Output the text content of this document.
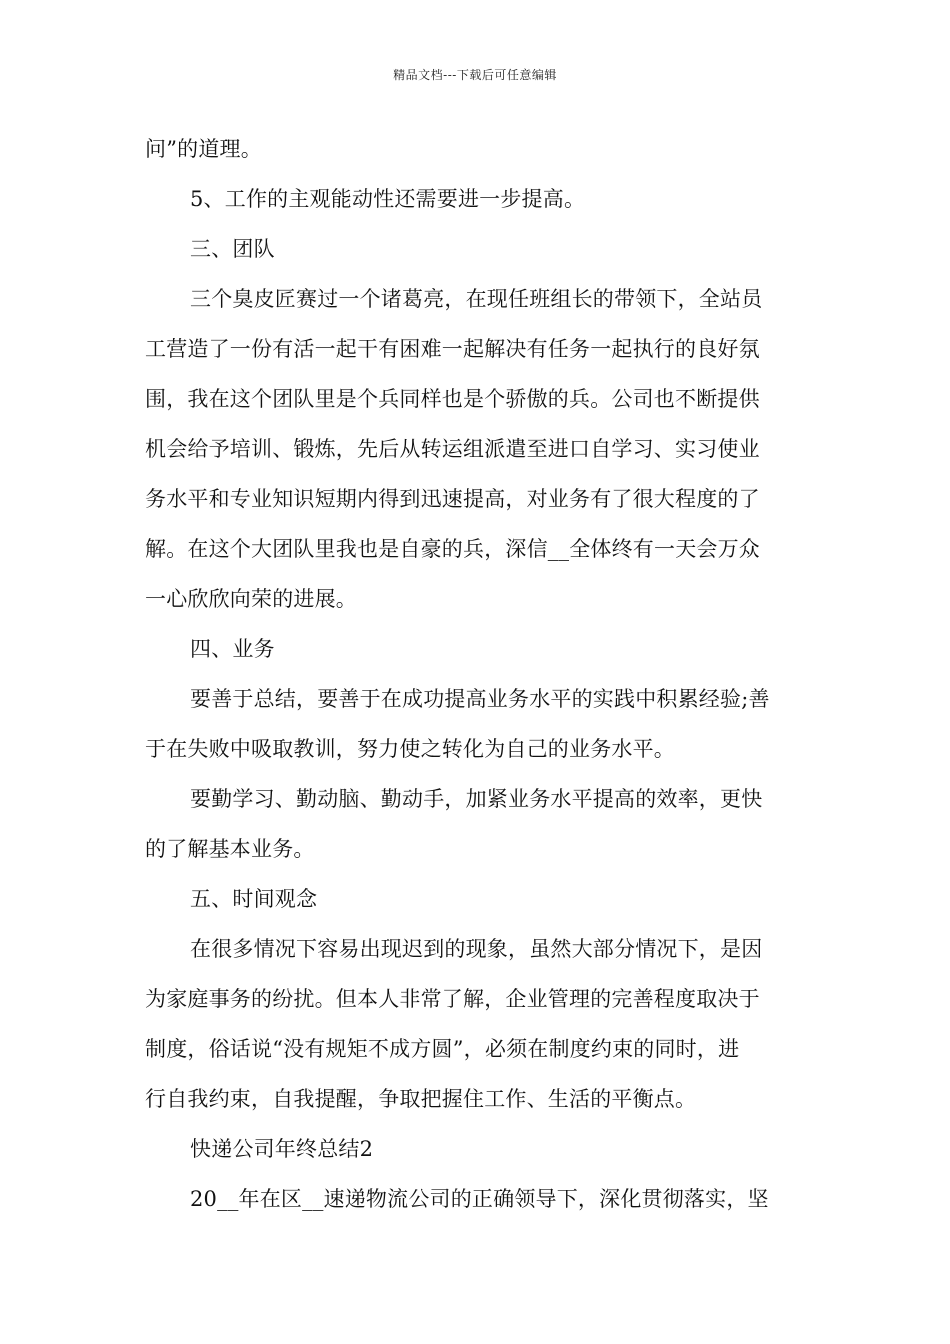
精品文档---下载后可任意编辑
问”的道理。
5、工作的主观能动性还需要进一步提高。
三、团队
三个臭皮匠赛过一个诸葛亮，在现任班组长的带领下，全站员
工营造了一份有活一起干有困难一起解决有任务一起执行的良好氛
围，我在这个团队里是个兵同样也是个骄傲的兵。公司也不断提供
机会给予培训、锻炼，先后从转运组派遣至进口自学习、实习使业
务水平和专业知识短期内得到迅速提高，对业务有了很大程度的了
解。在这个大团队里我也是自豪的兵，深信__全体终有一天会万众
一心欣欣向荣的进展。
四、业务
要善于总结，要善于在成功提高业务水平的实践中积累经验;善
于在失败中吸取教训，努力使之转化为自己的业务水平。
要勤学习、勤动脑、勤动手，加紧业务水平提高的效率，更快
的了解基本业务。
五、时间观念
在很多情况下容易出现迟到的现象，虽然大部分情况下，是因
为家庭事务的纷扰。但本人非常了解，企业管理的完善程度取决于
制度，俗话说“没有规矩不成方圆”，必须在制度约束的同时，进
行自我约束，自我提醒，争取把握住工作、生活的平衡点。
快递公司年终总结2
20__年在区__速递物流公司的正确领导下，深化贯彻落实，坚
